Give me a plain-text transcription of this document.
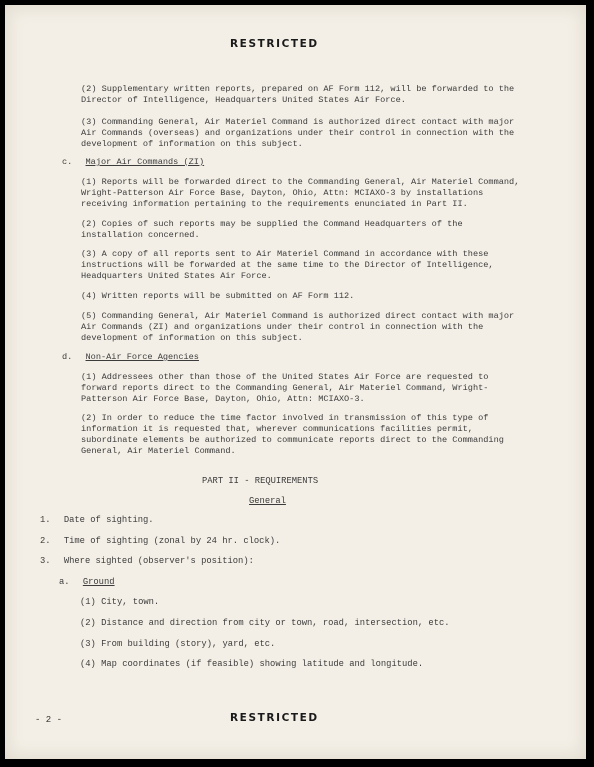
RESTRICTED
(2) Supplementary written reports, prepared on AF Form 112, will be forwarded to the Director of Intelligence, Headquarters United States Air Force.
(3) Commanding General, Air Materiel Command is authorized direct contact with major Air Commands (overseas) and organizations under their control in connection with the development of information on this subject.
c. Major Air Commands (ZI)
(1) Reports will be forwarded direct to the Commanding General, Air Materiel Command, Wright-Patterson Air Force Base, Dayton, Ohio, Attn: MCIAXO-3 by installations receiving information pertaining to the requirements enunciated in Part II.
(2) Copies of such reports may be supplied the Command Headquarters of the installation concerned.
(3) A copy of all reports sent to Air Materiel Command in accordance with these instructions will be forwarded at the same time to the Director of Intelligence, Headquarters United States Air Force.
(4) Written reports will be submitted on AF Form 112.
(5) Commanding General, Air Materiel Command is authorized direct contact with major Air Commands (ZI) and organizations under their control in connection with the development of information on this subject.
d. Non-Air Force Agencies
(1) Addressees other than those of the United States Air Force are requested to forward reports direct to the Commanding General, Air Materiel Command, Wright-Patterson Air Force Base, Dayton, Ohio, Attn: MCIAXO-3.
(2) In order to reduce the time factor involved in transmission of this type of information it is requested that, wherever communications facilities permit, subordinate elements be authorized to communicate reports direct to the Commanding General, Air Materiel Command.
PART II - REQUIREMENTS
General
1. Date of sighting.
2. Time of sighting (zonal by 24 hr. clock).
3. Where sighted (observer's position):
a. Ground
(1) City, town.
(2) Distance and direction from city or town, road, intersection, etc.
(3) From building (story), yard, etc.
(4) Map coordinates (if feasible) showing latitude and longitude.
- 2 -	RESTRICTED
